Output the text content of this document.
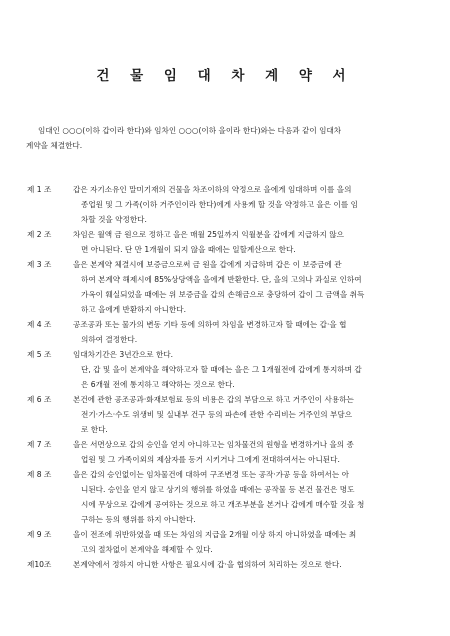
건 물 임 대 차 계 약 서

임대인 ○○○(이하 갑이라 한다)와 임차인 ○○○(이하 을이라 한다)와는 다음과 같이 임대차
계약을 체결한다.

제 1 조	갑은 자기소유인 말미기재의 건물을 차조이하의 약정으로 을에게 임대하며 이를 을의
종업원 및 그 가족(이하 거주인이라 한다)에게 사용케 할 것을 약정하고 을은 이를 임
차할 것을 약정한다.

제 2 조	차임은 월액 금 원으로 정하고 을은 매월 25일까지 익월분을 갑에게 지급하지 않으
면 아니된다. 단 만 1개월이 되지 않을 때에는 일할계산으로 한다.

제 3 조	을은 본계약 체결시에 보증금으로써 금 원을 갑에게 지급하며 갑은 이 보증금에 관
하여 본계약 해제시에 85%상당액을 을에게 반환한다. 단, 을의 고의나 과실로 인하여
가옥이 훼실되었을 때에는 위 보증금을 갑의 손해금으로 충당하여 갑이 그 금액을 취득
하고 을에게 반환하지 아니한다.

제 4 조	공조공과 또는 물가의 변동 기타 등에 의하여 차임을 변경하고자 할 때에는 갑·을 협
의하여 결정한다.

제 5 조	임대차기간은 3년간으로 한다.
단, 갑 및 을이 본계약을 해약하고자 할 때에는 을은 그 1개월전에 갑에게 통지하며 갑
은 6개월 전에 통지하고 해약하는 것으로 한다.

제 6 조	본건에 관한 공조공과·화재보험료 등의 비용은 갑의 부담으로 하고 거주인이 사용하는
전기·가스·수도 위생비 및 실내부 건구 등의 파손에 관한 수리비는 거주인의 부담으
로 한다.

제 7 조	을은 서면상으로 갑의 승인을 얻지 아니하고는 임차물건의 원형을 변경하거나 을의 종
업원 및 그 가족이외의 제삼자를 동거 시키거나 그에게 전대하여서는 아니된다.

제 8 조	을은 갑의 승인없이는 임차물건에 대하여 구조변경 또는 공작·가공 등을 하여서는 아
니된다. 승인을 얻지 않고 상기의 행위를 하였을 때에는 공작물 등 본건 물건은 명도
시에 무상으로 갑에게 공여하는 것으로 하고 개조부분을 본거나 갑에게 매수할 것을 청
구하는 등의 행위를 하지 아니한다.

제 9 조	을이 전조에 위반하였을 때 또는 차임의 지급을 2개월 이상 하지 아니하였을 때에는 최
고의 절차없이 본계약을 해제할 수 있다.

제10조	본계약에서 정하지 아니한 사항은 필요시에 갑·을 협의하여 처리하는 것으로 한다.
